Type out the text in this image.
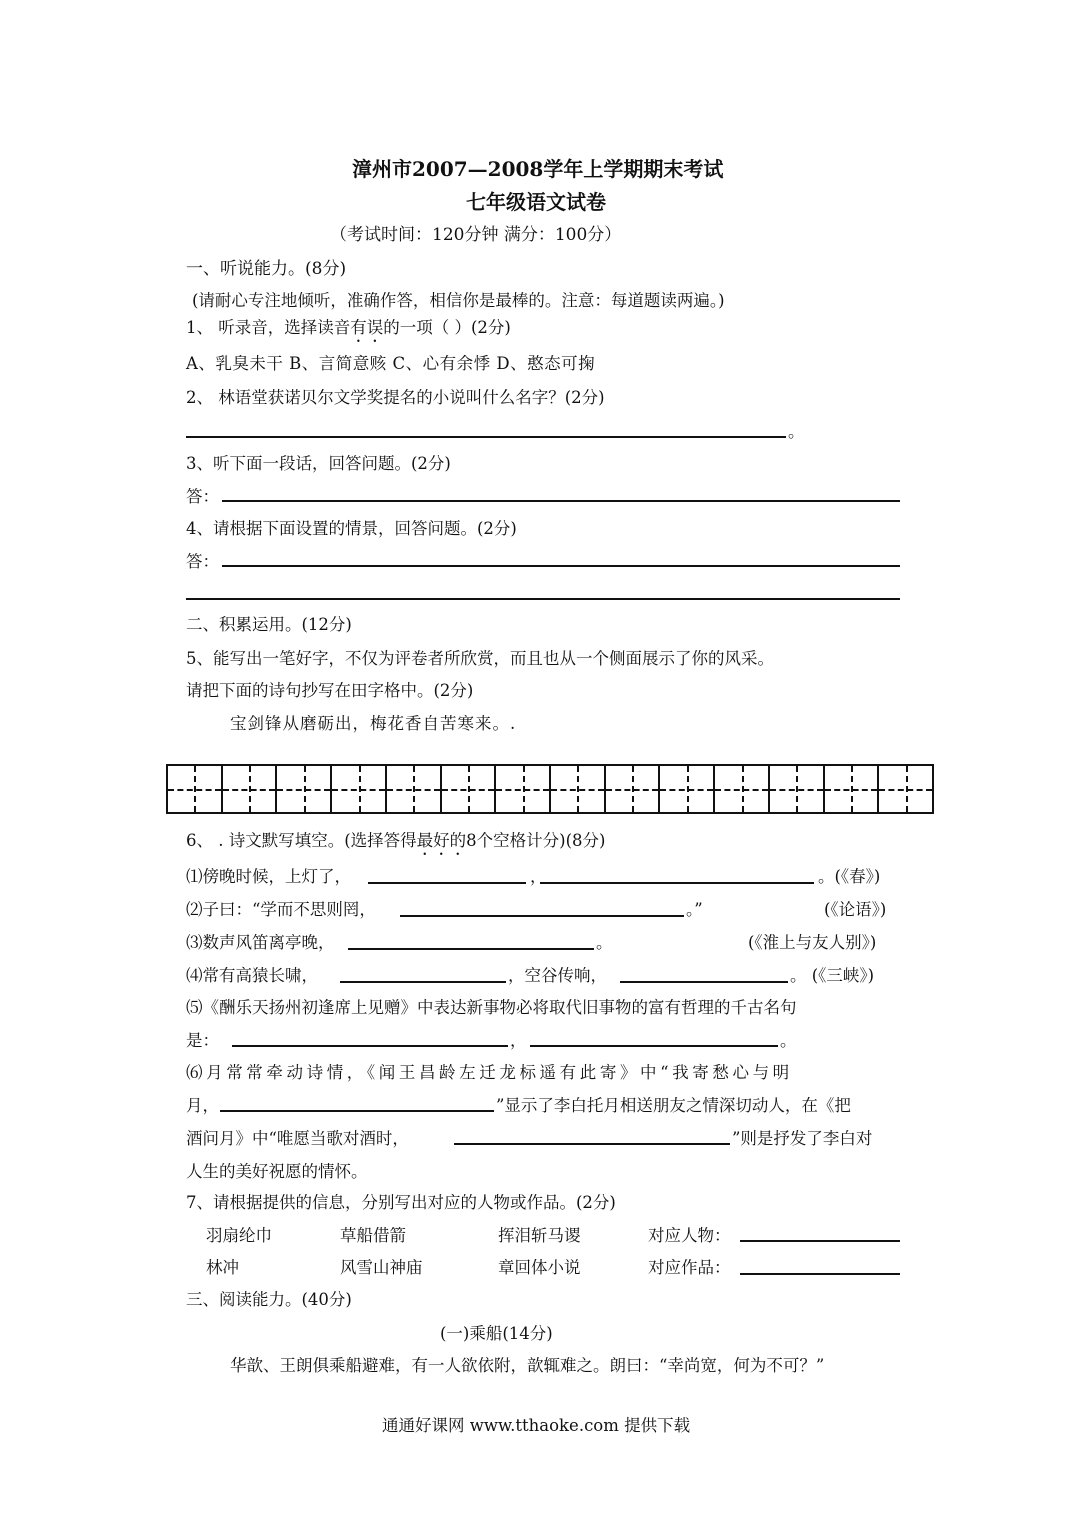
漳州市2007—2008学年上学期期末考试
七年级语文试卷
（考试时间：120分钟 满分：100分）
一、听说能力。(8分)
(请耐心专注地倾听，准确作答，相信你是最棒的。注意：每道题读两遍。)
1、 听录音，选择读音有误的一项（ ）(2分)
A、乳臭未干 B、言简意赅 C、心有余悸 D、憨态可掬
2、 林语堂获诺贝尔文学奖提名的小说叫什么名字？(2分)
。
3、听下面一段话，回答问题。(2分)
答：
4、请根据下面设置的情景，回答问题。(2分)
答：
二、积累运用。(12分)
5、能写出一笔好字，不仅为评卷者所欣赏，而且也从一个侧面展示了你的风采。
请把下面的诗句抄写在田字格中。(2分)
宝剑锋从磨砺出，梅花香自苦寒来。.
6、 . 诗文默写填空。(选择答得最好的8个空格计分)(8分)
⑴傍晚时候，上灯了，	，	。(《春》)
⑵子曰：“学而不思则罔，	。”	(《论语》)
⑶数声风笛离亭晚，	。	(《淮上与友人别》)
⑷常有高猿长啸，	，空谷传响，	。 (《三峡》)
⑸《酬乐天扬州初逢席上见赠》中表达新事物必将取代旧事物的富有哲理的千古名句
是：	，	。
⑹月常常牵动诗情，《闻王昌龄左迁龙标遥有此寄》中“我寄愁心与明
月，	”显示了李白托月相送朋友之情深切动人，在《把
酒问月》中“唯愿当歌对酒时，	”则是抒发了李白对
人生的美好祝愿的情怀。
7、请根据提供的信息，分别写出对应的人物或作品。(2分)
羽扇纶巾	草船借箭	挥泪斩马谡	对应人物：
林冲	风雪山神庙	章回体小说	对应作品：
三、阅读能力。(40分)
(一)乘船(14分)
华歆、王朗俱乘船避难，有一人欲依附，歆辄难之。朗曰：“幸尚宽，何为不可？”
通通好课网 www.tthaoke.com 提供下载
